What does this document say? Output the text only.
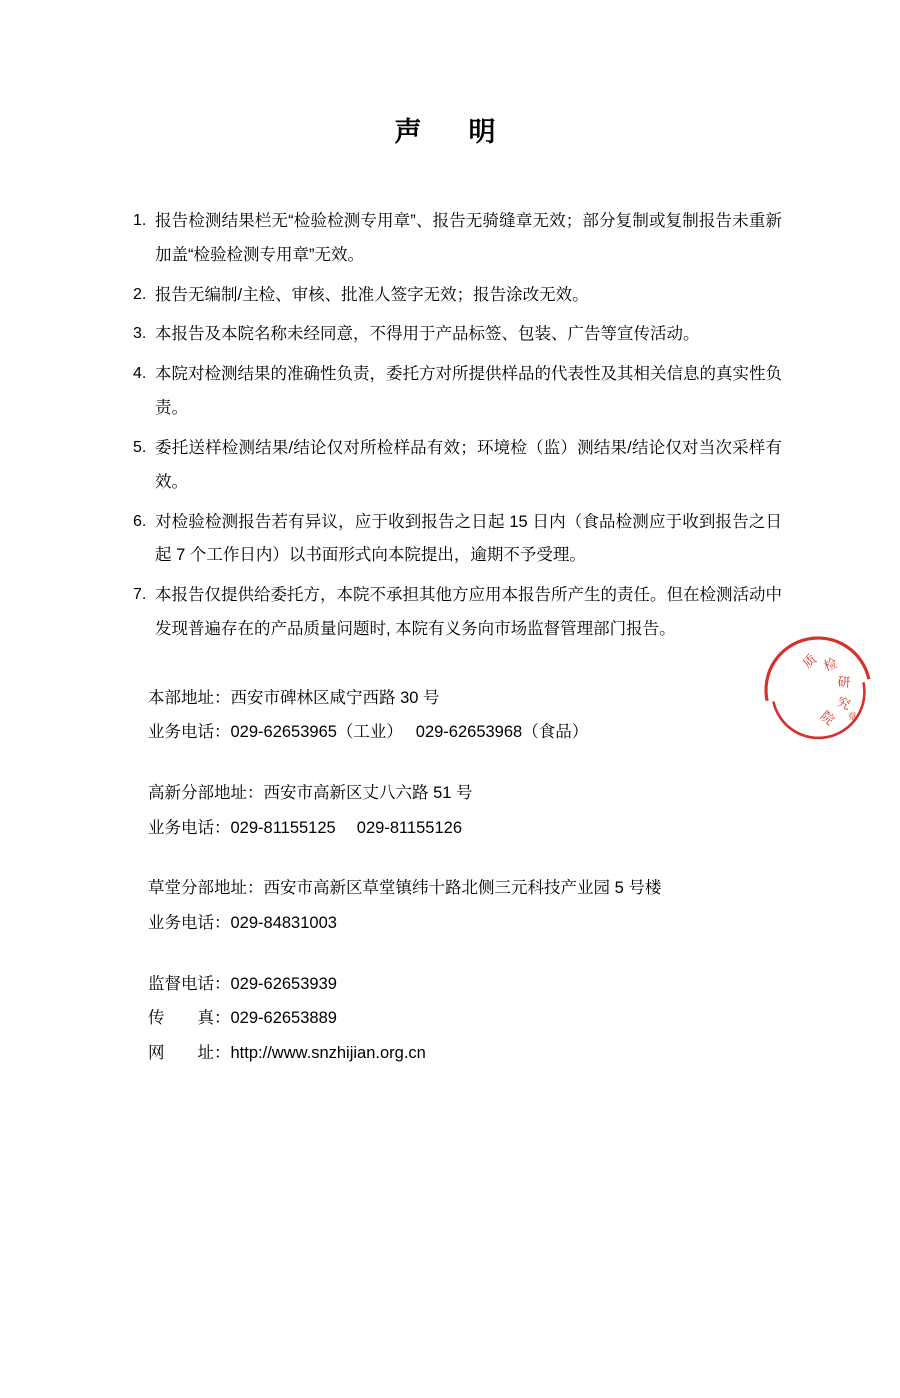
声　明
1. 报告检测结果栏无“检验检测专用章”、报告无骑缝章无效；部分复制或复制报告未重新加盖“检验检测专用章”无效。
2. 报告无编制/主检、审核、批准人签字无效；报告涂改无效。
3. 本报告及本院名称未经同意，不得用于产品标签、包装、广告等宣传活动。
4. 本院对检测结果的准确性负责，委托方对所提供样品的代表性及其相关信息的真实性负责。
5. 委托送样检测结果/结论仅对所检样品有效；环境检（监）测结果/结论仅对当次采样有效。
6. 对检验检测报告若有异议，应于收到报告之日起 15 日内（食品检测应于收到报告之日起 7 个工作日内）以书面形式向本院提出，逾期不予受理。
7. 本报告仅提供给委托方，本院不承担其他方应用本报告所产生的责任。但在检测活动中发现普遍存在的产品质量问题时, 本院有义务向市场监督管理部门报告。
本部地址：西安市碑林区咸宁西路 30 号
业务电话：029-62653965（工业）　 029-62653968（食品）
高新分部地址：西安市高新区丈八六路 51 号
业务电话：029-81155125　 029-81155126
草堂分部地址：西安市高新区草堂镇纬十路北侧三元科技产业园 5 号楼
业务电话：029-84831003
监督电话：029-62653939
传　　真：029-62653889
网　　址：http://www.snzhijian.org.cn
质 检
研
究
院 章
